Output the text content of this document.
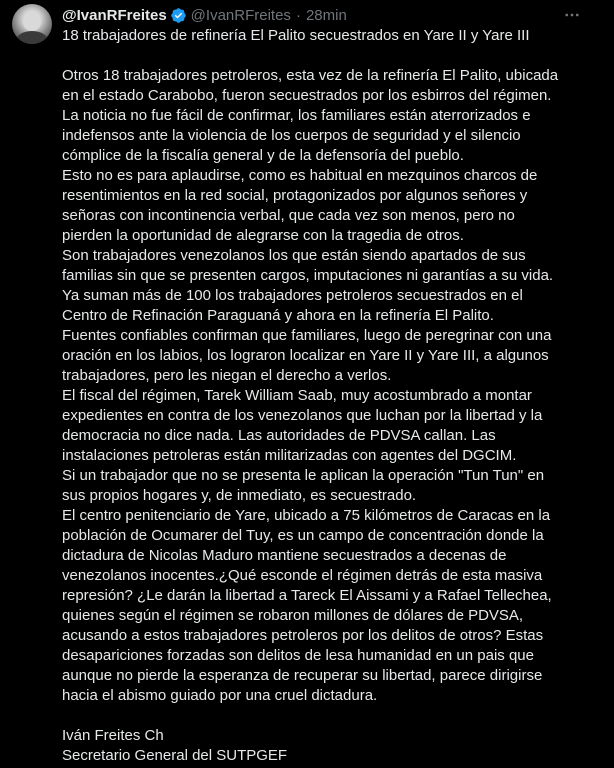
@IvanRFreites @IvanRFreites · 28min
18 trabajadores de refinería El Palito secuestrados en Yare II y Yare III
Otros 18 trabajadores petroleros, esta vez de la refinería El Palito, ubicada
en el estado Carabobo, fueron secuestrados por los esbirros del régimen.
La noticia no fue fácil de confirmar, los familiares están aterrorizados e
indefensos ante la violencia de los cuerpos de seguridad y el silencio
cómplice de la fiscalía general y de la defensoría del pueblo.
Esto no es para aplaudirse, como es habitual en mezquinos charcos de
resentimientos en la red social, protagonizados por algunos señores y
señoras con incontinencia verbal, que cada vez son menos, pero no
pierden la oportunidad de alegrarse con la tragedia de otros.
Son trabajadores venezolanos los que están siendo apartados de sus
familias sin que se presenten cargos, imputaciones ni garantías a su vida.
Ya suman más de 100 los trabajadores petroleros secuestrados en el
Centro de Refinación Paraguaná y ahora en la refinería El Palito.
Fuentes confiables confirman que familiares, luego de peregrinar con una
oración en los labios, los lograron localizar en Yare II y Yare III, a algunos
trabajadores, pero les niegan el derecho a verlos.
El fiscal del régimen, Tarek William Saab, muy acostumbrado a montar
expedientes en contra de los venezolanos que luchan por la libertad y la
democracia no dice nada. Las autoridades de PDVSA callan. Las
instalaciones petroleras están militarizadas con agentes del DGCIM.
Si un trabajador que no se presenta le aplican la operación "Tun Tun" en
sus propios hogares y, de inmediato, es secuestrado.
El centro penitenciario de Yare, ubicado a 75 kilómetros de Caracas en la
población de Ocumarer del Tuy, es un campo de concentración donde la
dictadura de Nicolas Maduro mantiene secuestrados a decenas de
venezolanos inocentes.¿Qué esconde el régimen detrás de esta masiva
represión? ¿Le darán la libertad a Tareck El Aissami y a Rafael Tellechea,
quienes según el régimen se robaron millones de dólares de PDVSA,
acusando a estos trabajadores petroleros por los delitos de otros? Estas
desapariciones forzadas son delitos de lesa humanidad en un pais que
aunque no pierde la esperanza de recuperar su libertad, parece dirigirse
hacia el abismo guiado por una cruel dictadura.
Iván Freites Ch
Secretario General del SUTPGEF
